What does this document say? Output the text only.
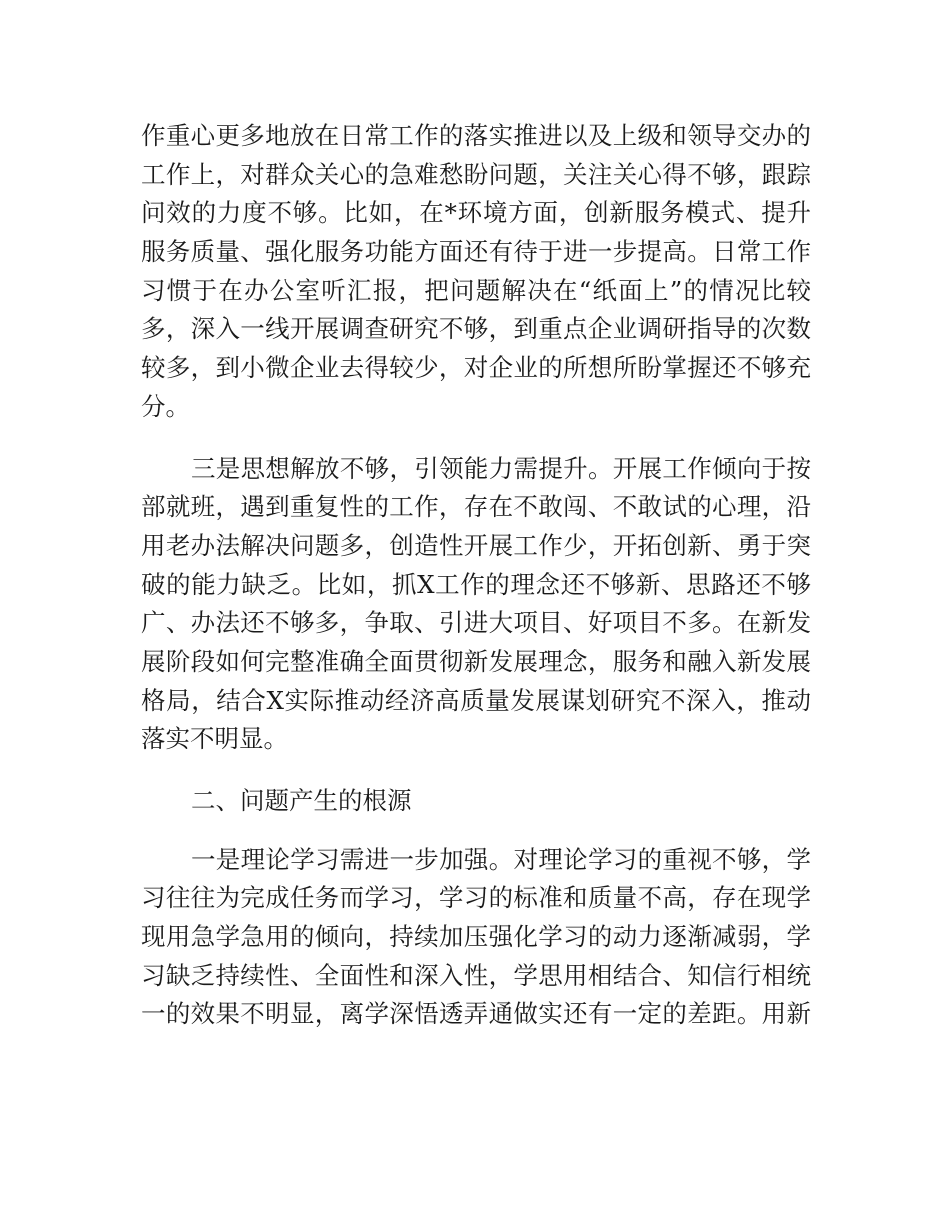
作重心更多地放在日常工作的落实推进以及上级和领导交办的
工作上，对群众关心的急难愁盼问题，关注关心得不够，跟踪
问效的力度不够。比如，在*环境方面，创新服务模式、提升
服务质量、强化服务功能方面还有待于进一步提高。日常工作
习惯于在办公室听汇报，把问题解决在“纸面上”的情况比较
多，深入一线开展调查研究不够，到重点企业调研指导的次数
较多，到小微企业去得较少，对企业的所想所盼掌握还不够充
分。
三是思想解放不够，引领能力需提升。开展工作倾向于按
部就班，遇到重复性的工作，存在不敢闯、不敢试的心理，沿
用老办法解决问题多，创造性开展工作少，开拓创新、勇于突
破的能力缺乏。比如，抓X工作的理念还不够新、思路还不够
广、办法还不够多，争取、引进大项目、好项目不多。在新发
展阶段如何完整准确全面贯彻新发展理念，服务和融入新发展
格局，结合X实际推动经济高质量发展谋划研究不深入，推动
落实不明显。
二、问题产生的根源
一是理论学习需进一步加强。对理论学习的重视不够，学
习往往为完成任务而学习，学习的标准和质量不高，存在现学
现用急学急用的倾向，持续加压强化学习的动力逐渐减弱，学
习缺乏持续性、全面性和深入性，学思用相结合、知信行相统
一的效果不明显，离学深悟透弄通做实还有一定的差距。用新
